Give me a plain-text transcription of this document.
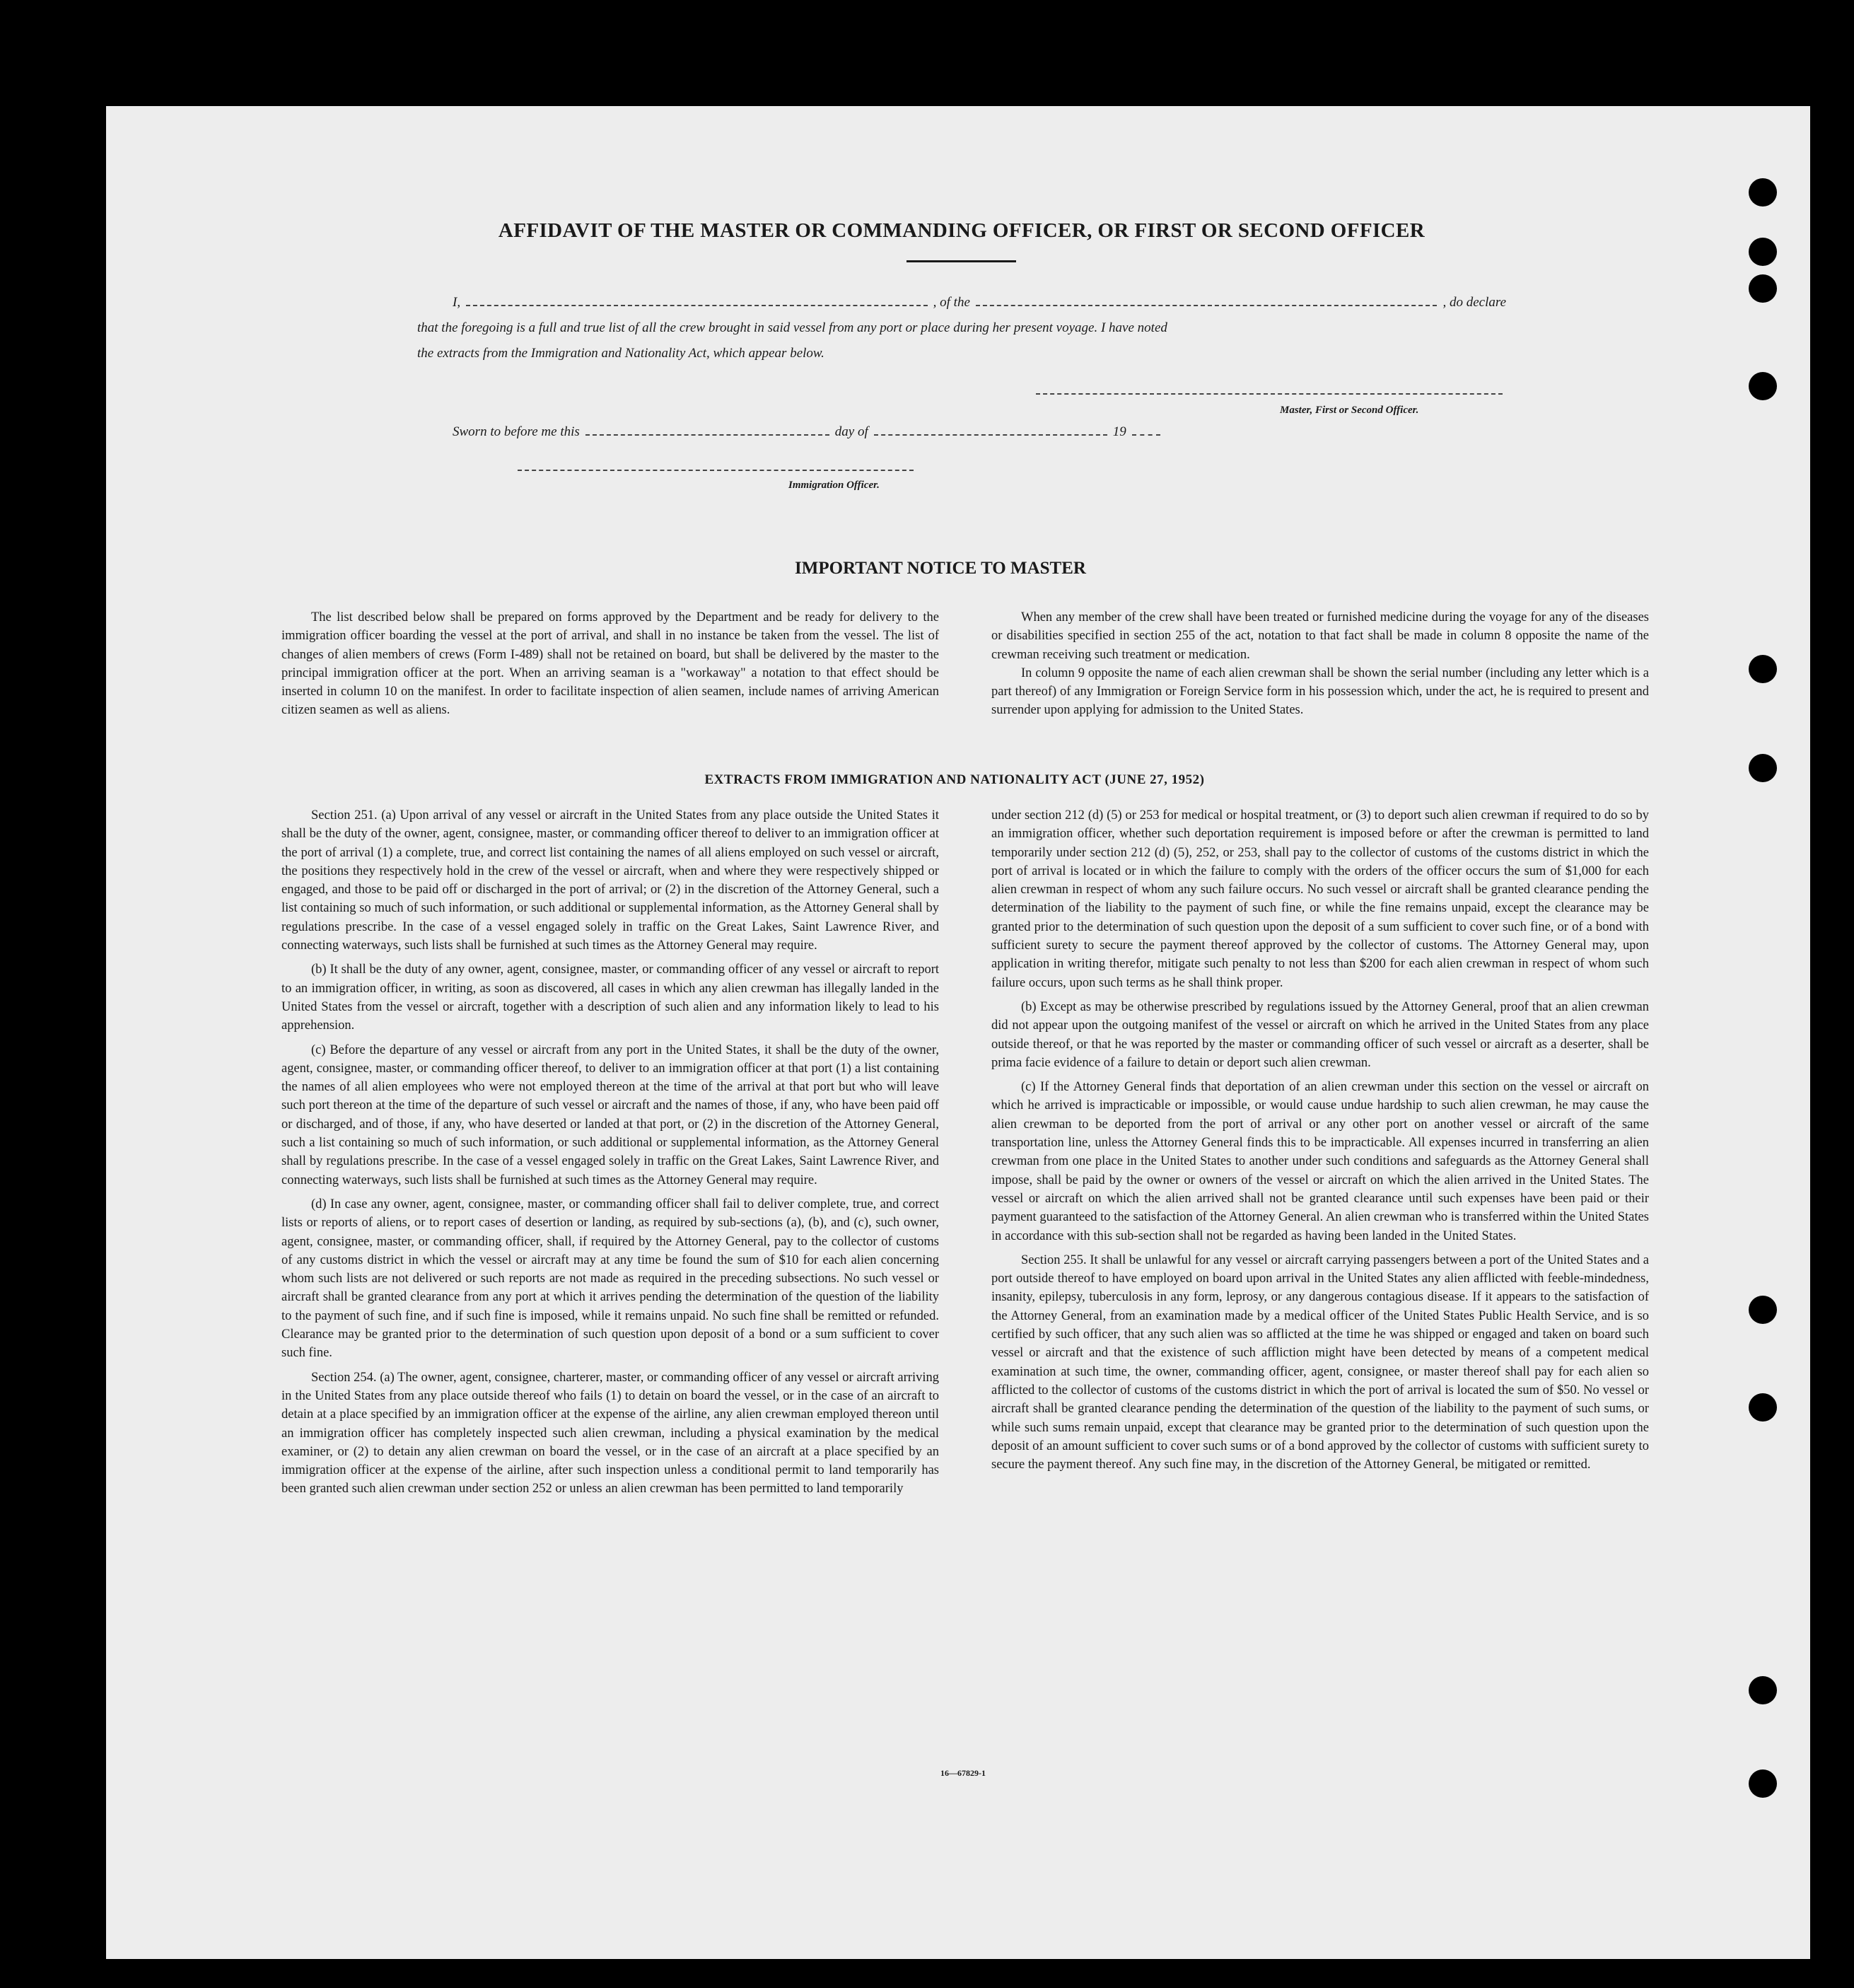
AFFIDAVIT OF THE MASTER OR COMMANDING OFFICER, OR FIRST OR SECOND OFFICER
I,	, of the	, do declare
that the foregoing is a full and true list of all the crew brought in said vessel from any port or place during her present voyage. I have noted
the extracts from the Immigration and Nationality Act, which appear below.
Master, First or Second Officer.
Sworn to before me this	day of	19
Immigration Officer.
IMPORTANT NOTICE TO MASTER

The list described below shall be prepared on forms approved by the Department and be ready for delivery to the immigration officer boarding the vessel at the port of arrival, and shall in no instance be taken from the vessel. The list of changes of alien members of crews (Form I-489) shall not be retained on board, but shall be delivered by the master to the principal immigration officer at the port. When an arriving seaman is a "workaway" a notation to that effect should be inserted in column 10 on the manifest. In order to facilitate inspection of alien seamen, include names of arriving American citizen seamen as well as aliens.

When any member of the crew shall have been treated or furnished medicine during the voyage for any of the diseases or disabilities specified in section 255 of the act, notation to that fact shall be made in column 8 opposite the name of the crewman receiving such treatment or medication.

In column 9 opposite the name of each alien crewman shall be shown the serial number (including any letter which is a part thereof) of any Immigration or Foreign Service form in his possession which, under the act, he is required to present and surrender upon applying for admission to the United States.

EXTRACTS FROM IMMIGRATION AND NATIONALITY ACT (JUNE 27, 1952)

Section 251. (a) Upon arrival of any vessel or aircraft in the United States from any place outside the United States it shall be the duty of the owner, agent, consignee, master, or commanding officer thereof to deliver to an immigration officer at the port of arrival (1) a complete, true, and correct list containing the names of all aliens employed on such vessel or aircraft, the positions they respectively hold in the crew of the vessel or aircraft, when and where they were respectively shipped or engaged, and those to be paid off or discharged in the port of arrival; or (2) in the discretion of the Attorney General, such a list containing so much of such information, or such additional or supplemental information, as the Attorney General shall by regulations prescribe. In the case of a vessel engaged solely in traffic on the Great Lakes, Saint Lawrence River, and connecting waterways, such lists shall be furnished at such times as the Attorney General may require.

(b) It shall be the duty of any owner, agent, consignee, master, or commanding officer of any vessel or aircraft to report to an immigration officer, in writing, as soon as discovered, all cases in which any alien crewman has illegally landed in the United States from the vessel or aircraft, together with a description of such alien and any information likely to lead to his apprehension.

(c) Before the departure of any vessel or aircraft from any port in the United States, it shall be the duty of the owner, agent, consignee, master, or commanding officer thereof, to deliver to an immigration officer at that port (1) a list containing the names of all alien employees who were not employed thereon at the time of the arrival at that port but who will leave such port thereon at the time of the departure of such vessel or aircraft and the names of those, if any, who have been paid off or discharged, and of those, if any, who have deserted or landed at that port, or (2) in the discretion of the Attorney General, such a list containing so much of such information, or such additional or supplemental information, as the Attorney General shall by regulations prescribe. In the case of a vessel engaged solely in traffic on the Great Lakes, Saint Lawrence River, and connecting waterways, such lists shall be furnished at such times as the Attorney General may require.

(d) In case any owner, agent, consignee, master, or commanding officer shall fail to deliver complete, true, and correct lists or reports of aliens, or to report cases of desertion or landing, as required by sub-sections (a), (b), and (c), such owner, agent, consignee, master, or commanding officer, shall, if required by the Attorney General, pay to the collector of customs of any customs district in which the vessel or aircraft may at any time be found the sum of $10 for each alien concerning whom such lists are not delivered or such reports are not made as required in the preceding subsections. No such vessel or aircraft shall be granted clearance from any port at which it arrives pending the determination of the question of the liability to the payment of such fine, and if such fine is imposed, while it remains unpaid. No such fine shall be remitted or refunded. Clearance may be granted prior to the determination of such question upon deposit of a bond or a sum sufficient to cover such fine.

Section 254. (a) The owner, agent, consignee, charterer, master, or commanding officer of any vessel or aircraft arriving in the United States from any place outside thereof who fails (1) to detain on board the vessel, or in the case of an aircraft to detain at a place specified by an immigration officer at the expense of the airline, any alien crewman employed thereon until an immigration officer has completely inspected such alien crewman, including a physical examination by the medical examiner, or (2) to detain any alien crewman on board the vessel, or in the case of an aircraft at a place specified by an immigration officer at the expense of the airline, after such inspection unless a conditional permit to land temporarily has been granted such alien crewman under section 252 or unless an alien crewman has been permitted to land temporarily

under section 212 (d) (5) or 253 for medical or hospital treatment, or (3) to deport such alien crewman if required to do so by an immigration officer, whether such deportation requirement is imposed before or after the crewman is permitted to land temporarily under section 212 (d) (5), 252, or 253, shall pay to the collector of customs of the customs district in which the port of arrival is located or in which the failure to comply with the orders of the officer occurs the sum of $1,000 for each alien crewman in respect of whom any such failure occurs. No such vessel or aircraft shall be granted clearance pending the determination of the liability to the payment of such fine, or while the fine remains unpaid, except the clearance may be granted prior to the determination of such question upon the deposit of a sum sufficient to cover such fine, or of a bond with sufficient surety to secure the payment thereof approved by the collector of customs. The Attorney General may, upon application in writing therefor, mitigate such penalty to not less than $200 for each alien crewman in respect of whom such failure occurs, upon such terms as he shall think proper.

(b) Except as may be otherwise prescribed by regulations issued by the Attorney General, proof that an alien crewman did not appear upon the outgoing manifest of the vessel or aircraft on which he arrived in the United States from any place outside thereof, or that he was reported by the master or commanding officer of such vessel or aircraft as a deserter, shall be prima facie evidence of a failure to detain or deport such alien crewman.

(c) If the Attorney General finds that deportation of an alien crewman under this section on the vessel or aircraft on which he arrived is impracticable or impossible, or would cause undue hardship to such alien crewman, he may cause the alien crewman to be deported from the port of arrival or any other port on another vessel or aircraft of the same transportation line, unless the Attorney General finds this to be impracticable. All expenses incurred in transferring an alien crewman from one place in the United States to another under such conditions and safeguards as the Attorney General shall impose, shall be paid by the owner or owners of the vessel or aircraft on which the alien arrived in the United States. The vessel or aircraft on which the alien arrived shall not be granted clearance until such expenses have been paid or their payment guaranteed to the satisfaction of the Attorney General. An alien crewman who is transferred within the United States in accordance with this sub-section shall not be regarded as having been landed in the United States.

Section 255. It shall be unlawful for any vessel or aircraft carrying passengers between a port of the United States and a port outside thereof to have employed on board upon arrival in the United States any alien afflicted with feeble-mindedness, insanity, epilepsy, tuberculosis in any form, leprosy, or any dangerous contagious disease. If it appears to the satisfaction of the Attorney General, from an examination made by a medical officer of the United States Public Health Service, and is so certified by such officer, that any such alien was so afflicted at the time he was shipped or engaged and taken on board such vessel or aircraft and that the existence of such affliction might have been detected by means of a competent medical examination at such time, the owner, commanding officer, agent, consignee, or master thereof shall pay for each alien so afflicted to the collector of customs of the customs district in which the port of arrival is located the sum of $50. No vessel or aircraft shall be granted clearance pending the determination of the question of the liability to the payment of such sums, or while such sums remain unpaid, except that clearance may be granted prior to the determination of such question upon the deposit of an amount sufficient to cover such sums or of a bond approved by the collector of customs with sufficient surety to secure the payment thereof. Any such fine may, in the discretion of the Attorney General, be mitigated or remitted.

16—67829-1
